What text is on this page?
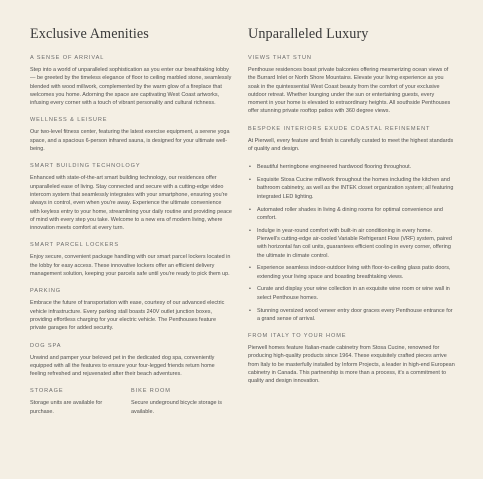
Exclusive Amenities
A SENSE OF ARRIVAL

Step into a world of unparalleled sophistication as you enter our breathtaking lobby — be greeted by the timeless elegance of floor to ceiling marbled stone, seamlessly blended with wood millwork, complemented by the warm glow of a fireplace that welcomes you home. Adorning the space are captivating West Coast artworks, infusing every corner with a touch of vibrant personality and cultural richness.

WELLNESS & LEISURE

Our two-level fitness center, featuring the latest exercise equipment, a serene yoga space, and a spacious 6-person infrared sauna, is designed for your ultimate well-being.

SMART BUILDING TECHNOLOGY

Enhanced with state-of-the-art smart building technology, our residences offer unparalleled ease of living. Stay connected and secure with a cutting-edge video intercom system that seamlessly integrates with your smartphone, ensuring you're always in control, even when you're away. Experience the ultimate convenience with keyless entry to your home, streamlining your daily routine and providing peace of mind with every step you take. Welcome to a new era of modern living, where innovation meets comfort at every turn.

SMART PARCEL LOCKERS

Enjoy secure, convenient package handling with our smart parcel lockers located in the lobby for easy access. These innovative lockers offer an efficient delivery management solution, keeping your parcels safe until you're ready to pick them up.

PARKING

Embrace the future of transportation with ease, courtesy of our advanced electric vehicle infrastructure. Every parking stall boasts 240V outlet junction boxes, providing effortless charging for your electric vehicle. The Penthouses feature private garages for added security.

DOG SPA

Unwind and pamper your beloved pet in the dedicated dog spa, conveniently equipped with all the features to ensure your four-legged friends return home feeling refreshed and rejuvenated after their beach adventures.

STORAGE

Storage units are available for purchase.

BIKE ROOM

Secure undeground bicycle storage is available.

Unparalleled Luxury
VIEWS THAT STUN

Penthouse residences boast private balconies offering mesmerizing ocean views of the Burrard Inlet or North Shore Mountains. Elevate your living experience as you soak in the quintessential West Coast beauty from the comfort of your exclusive outdoor retreat. Whether lounging under the sun or entertaining guests, every moment in your home is elevated to extraordinary heights. All southside Penthouses offer stunning private rooftop patios with 360 degree views.

BESPOKE INTERIORS EXUDE COASTAL REFINEMENT

At Pierwell, every feature and finish is carefully curated to meet the highest standards of quality and design.

• Beautiful herringbone engineered hardwood flooring throughout.
• Exquisite Stosa Cucine millwork throughout the homes including the kitchen and bathroom cabinetry, as well as the INTEK closet organization system; all featuring integrated LED lighting.
• Automated roller shades in living & dining rooms for optimal convenience and comfort.
• Indulge in year-round comfort with built-in air conditioning in every home. Pierwell's cutting-edge air-cooled Variable Refrigerant Flow (VRF) system, paired with horizontal fan coil units, guarantees efficient cooling in every corner, offering the ultimate in climate control.
• Experience seamless indoor-outdoor living with floor-to-ceiling glass patio doors, extending your living space and boasting breathtaking views.
• Curate and display your wine collection in an exquisite wine room or wine wall in select Penthouse homes.
• Stunning oversized wood veneer entry door graces every Penthouse entrance for a grand sense of arrival.
FROM ITALY TO YOUR HOME

Pierwell homes feature Italian-made cabinetry from Stosa Cucine, renowned for producing high-quality products since 1964. These exquisitely crafted pieces arrive from Italy to be masterfully installed by Inform Projects, a leader in high-end European cabinetry in Canada. This partnership is more than a process, it's a commitment to quality and design innovation.
